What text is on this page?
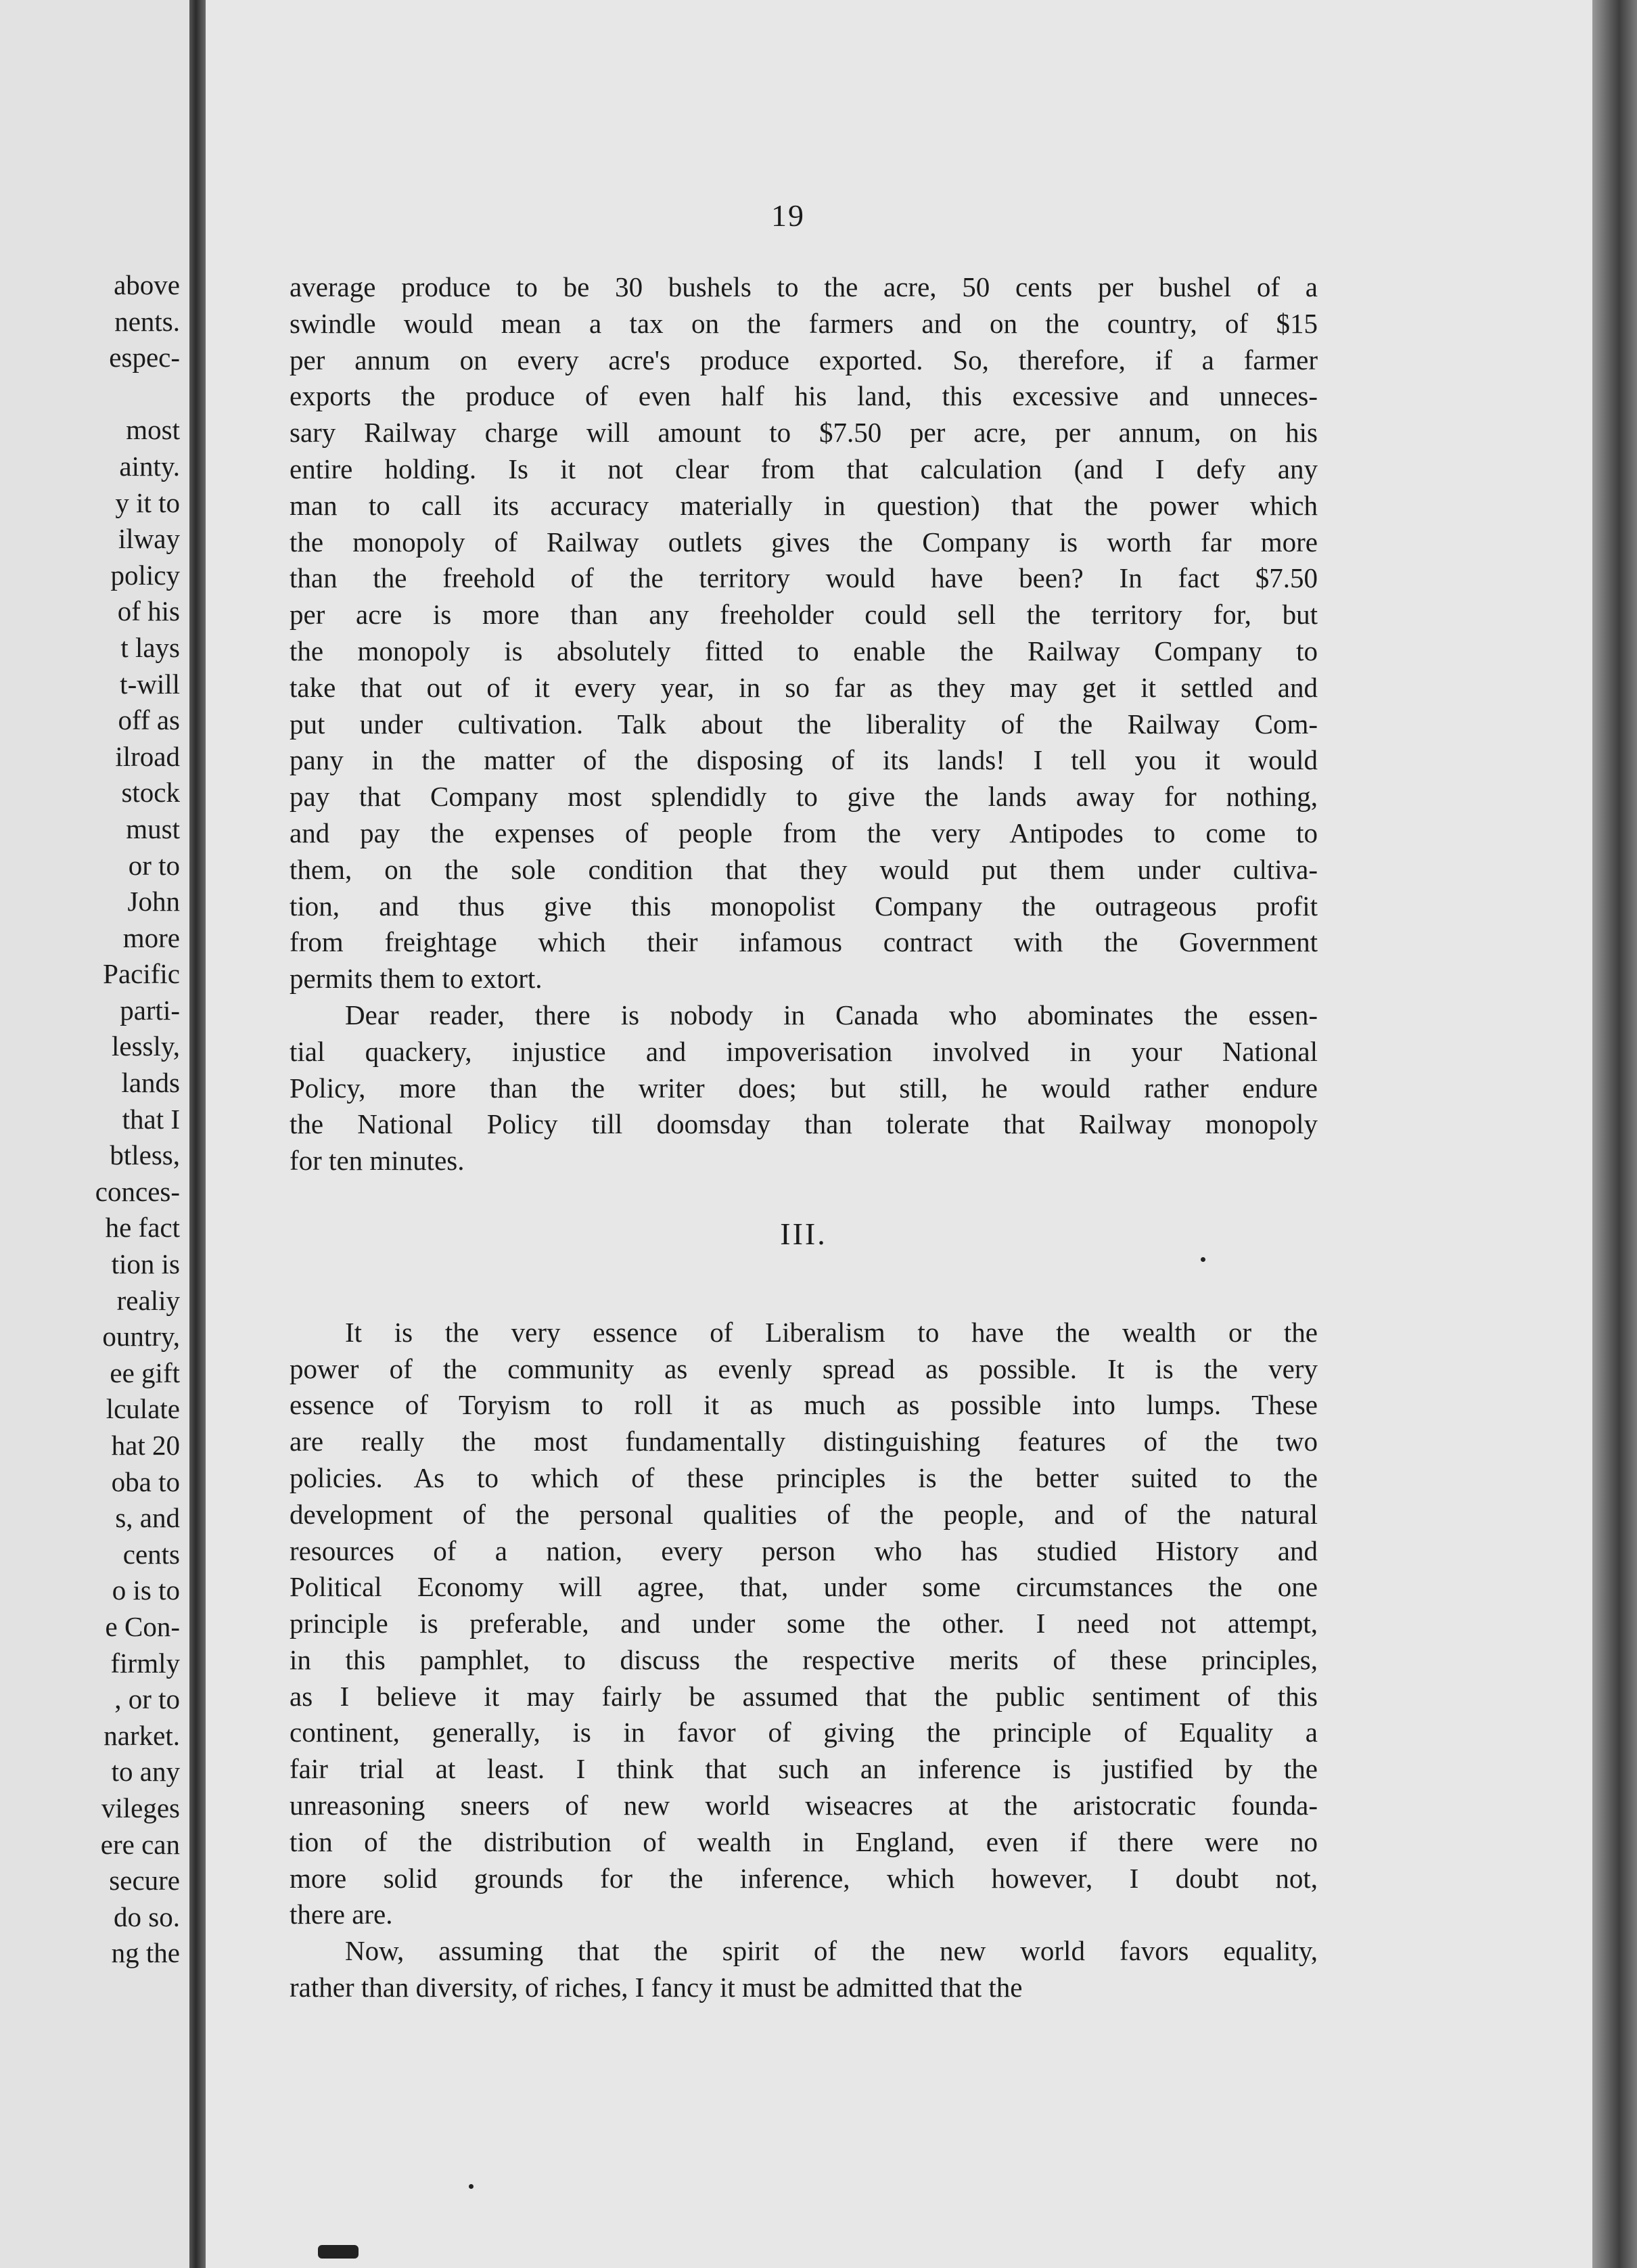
above
nents.
espec-

most
ainty.
y it to
ilway
policy
of his
t lays
t-will
off as
ilroad
stock
must
or to
John
more
Pacific
parti-
lessly,
lands
that I
btless,
conces-
he fact
tion is
realiy
ountry,
ee gift
lculate
hat 20
oba to
s, and
cents
o is to
e Con-
firmly
, or to
narket.
to any
vileges
ere can
secure
do so.
ng the
19
average produce to be 30 bushels to the acre, 50 cents per bushel of a
swindle would mean a tax on the farmers and on the country, of $15
per annum on every acre's produce exported. So, therefore, if a farmer
exports the produce of even half his land, this excessive and unneces-
sary Railway charge will amount to $7.50 per acre, per annum, on his
entire holding. Is it not clear from that calculation (and I defy any
man to call its accuracy materially in question) that the power which
the monopoly of Railway outlets gives the Company is worth far more
than the freehold of the territory would have been? In fact $7.50
per acre is more than any freeholder could sell the territory for, but
the monopoly is absolutely fitted to enable the Railway Company to
take that out of it every year, in so far as they may get it settled and
put under cultivation. Talk about the liberality of the Railway Com-
pany in the matter of the disposing of its lands! I tell you it would
pay that Company most splendidly to give the lands away for nothing,
and pay the expenses of people from the very Antipodes to come to
them, on the sole condition that they would put them under cultiva-
tion, and thus give this monopolist Company the outrageous profit
from freightage which their infamous contract with the Government
permits them to extort.
Dear reader, there is nobody in Canada who abominates the essen-
tial quackery, injustice and impoverisation involved in your National
Policy, more than the writer does; but still, he would rather endure
the National Policy till doomsday than tolerate that Railway monopoly
for ten minutes.
III.
It is the very essence of Liberalism to have the wealth or the
power of the community as evenly spread as possible. It is the very
essence of Toryism to roll it as much as possible into lumps. These
are really the most fundamentally distinguishing features of the two
policies. As to which of these principles is the better suited to the
development of the personal qualities of the people, and of the natural
resources of a nation, every person who has studied History and
Political Economy will agree, that, under some circumstances the one
principle is preferable, and under some the other. I need not attempt,
in this pamphlet, to discuss the respective merits of these principles,
as I believe it may fairly be assumed that the public sentiment of this
continent, generally, is in favor of giving the principle of Equality a
fair trial at least. I think that such an inference is justified by the
unreasoning sneers of new world wiseacres at the aristocratic founda-
tion of the distribution of wealth in England, even if there were no
more solid grounds for the inference, which however, I doubt not,
there are.
Now, assuming that the spirit of the new world favors equality,
rather than diversity, of riches, I fancy it must be admitted that the
